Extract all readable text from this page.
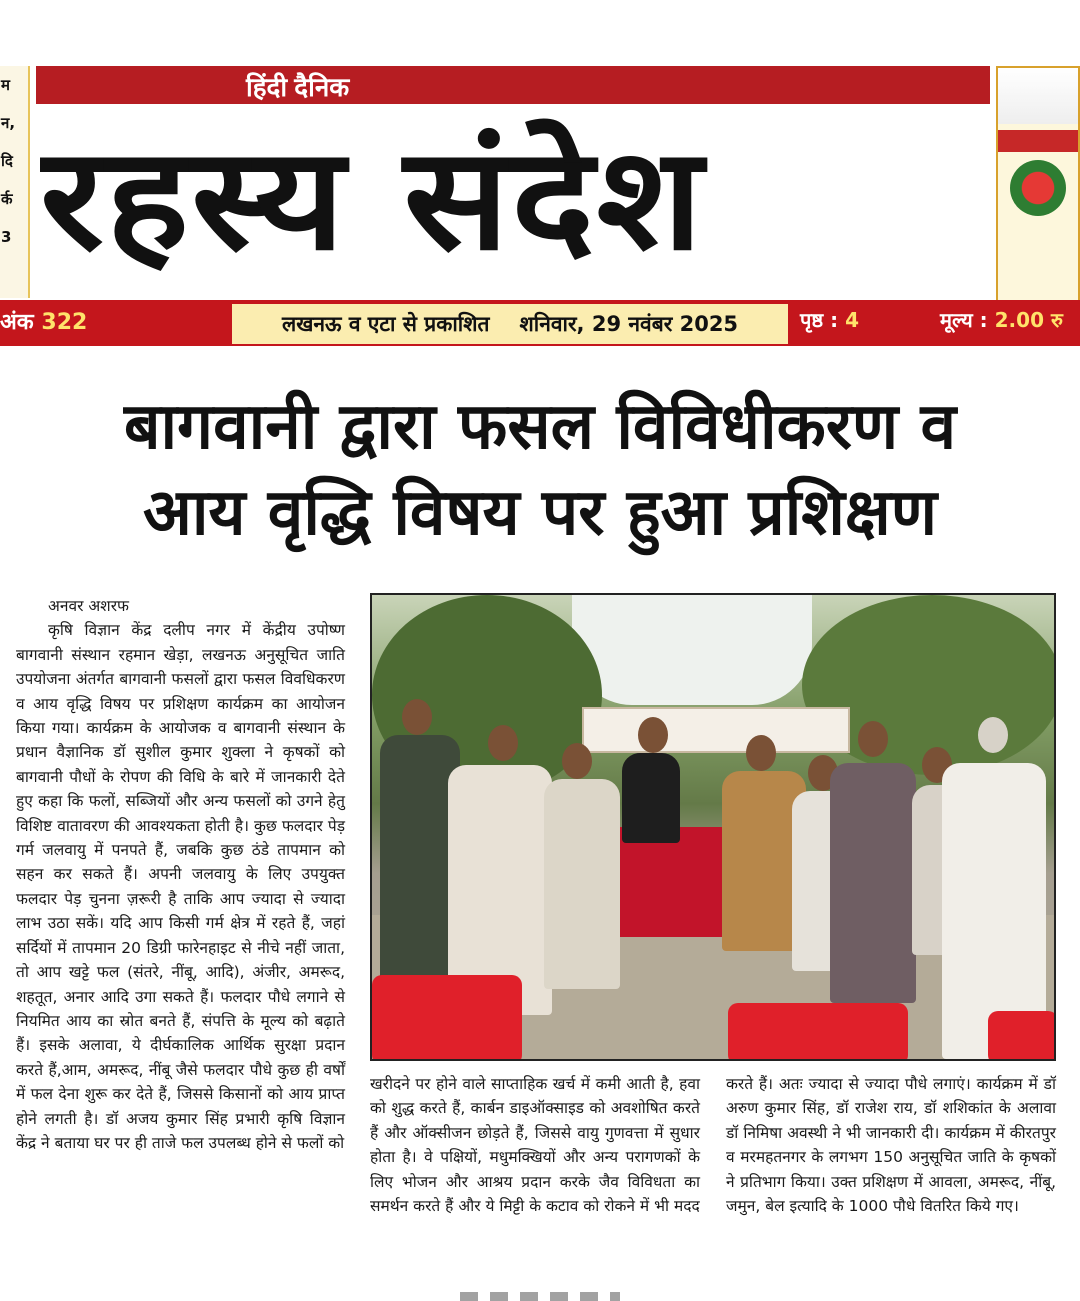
म
न,
दि
र्क
3
हिंदी दैनिक
रहस्य संदेश
अंक 322	लखनऊ व एटा से प्रकाशित शनिवार, 29 नवंबर 2025	पृष्ठ : 4	मूल्य : 2.00 रु
बागवानी द्वारा फसल विविधीकरण व
आय वृद्धि विषय पर हुआ प्रशिक्षण
अनवर अशरफ
कृषि विज्ञान केंद्र दलीप नगर में केंद्रीय उपोष्ण बागवानी संस्थान रहमान खेड़ा, लखनऊ अनुसूचित जाति उपयोजना अंतर्गत बागवानी फसलों द्वारा फसल विवधिकरण व आय वृद्धि विषय पर प्रशिक्षण कार्यक्रम का आयोजन किया गया। कार्यक्रम के आयोजक व बागवानी संस्थान के प्रधान वैज्ञानिक डॉ सुशील कुमार शुक्ला ने कृषकों को बागवानी पौधों के रोपण की विधि के बारे में जानकारी देते हुए कहा कि फलों, सब्जियों और अन्य फसलों को उगने हेतु विशिष्ट वातावरण की आवश्यकता होती है। कुछ फलदार पेड़ गर्म जलवायु में पनपते हैं, जबकि कुछ ठंडे तापमान को सहन कर सकते हैं। अपनी जलवायु के लिए उपयुक्त फलदार पेड़ चुनना ज़रूरी है ताकि आप ज्यादा से ज्यादा लाभ उठा सकें। यदि आप किसी गर्म क्षेत्र में रहते हैं, जहां सर्दियों में तापमान 20 डिग्री फारेनहाइट से नीचे नहीं जाता, तो आप खट्टे फल (संतरे, नींबू, आदि), अंजीर, अमरूद, शहतूत, अनार आदि उगा सकते हैं। फलदार पौधे लगाने से नियमित आय का स्रोत बनते हैं, संपत्ति के मूल्य को बढ़ाते हैं। इसके अलावा, ये दीर्घकालिक आर्थिक सुरक्षा प्रदान करते हैं,आम, अमरूद, नींबू जैसे फलदार पौधे कुछ ही वर्षों में फल देना शुरू कर देते हैं, जिससे किसानों को आय प्राप्त होने लगती है। डॉ अजय कुमार सिंह प्रभारी कृषि विज्ञान केंद्र ने बताया घर पर ही ताजे फल उपलब्ध होने से फलों को
खरीदने पर होने वाले साप्ताहिक खर्च में कमी आती है, हवा को शुद्ध करते हैं, कार्बन डाइऑक्साइड को अवशोषित करते हैं और ऑक्सीजन छोड़ते हैं, जिससे वायु गुणवत्ता में सुधार होता है। वे पक्षियों, मधुमक्खियों और अन्य परागणकों के लिए भोजन और आश्रय प्रदान करके जैव विविधता का समर्थन करते हैं और ये मिट्टी के कटाव को रोकने में भी मदद
करते हैं। अतः ज्यादा से ज्यादा पौधे लगाएं। कार्यक्रम में डॉ अरुण कुमार सिंह, डॉ राजेश राय, डॉ शशिकांत के अलावा डॉ निमिषा अवस्थी ने भी जानकारी दी। कार्यक्रम में कीरतपुर व मरमहतनगर के लगभग 150 अनुसूचित जाति के कृषकों ने प्रतिभाग किया। उक्त प्रशिक्षण में आवला, अमरूद, नींबू, जमुन, बेल इत्यादि के 1000 पौधे वितरित किये गए।
